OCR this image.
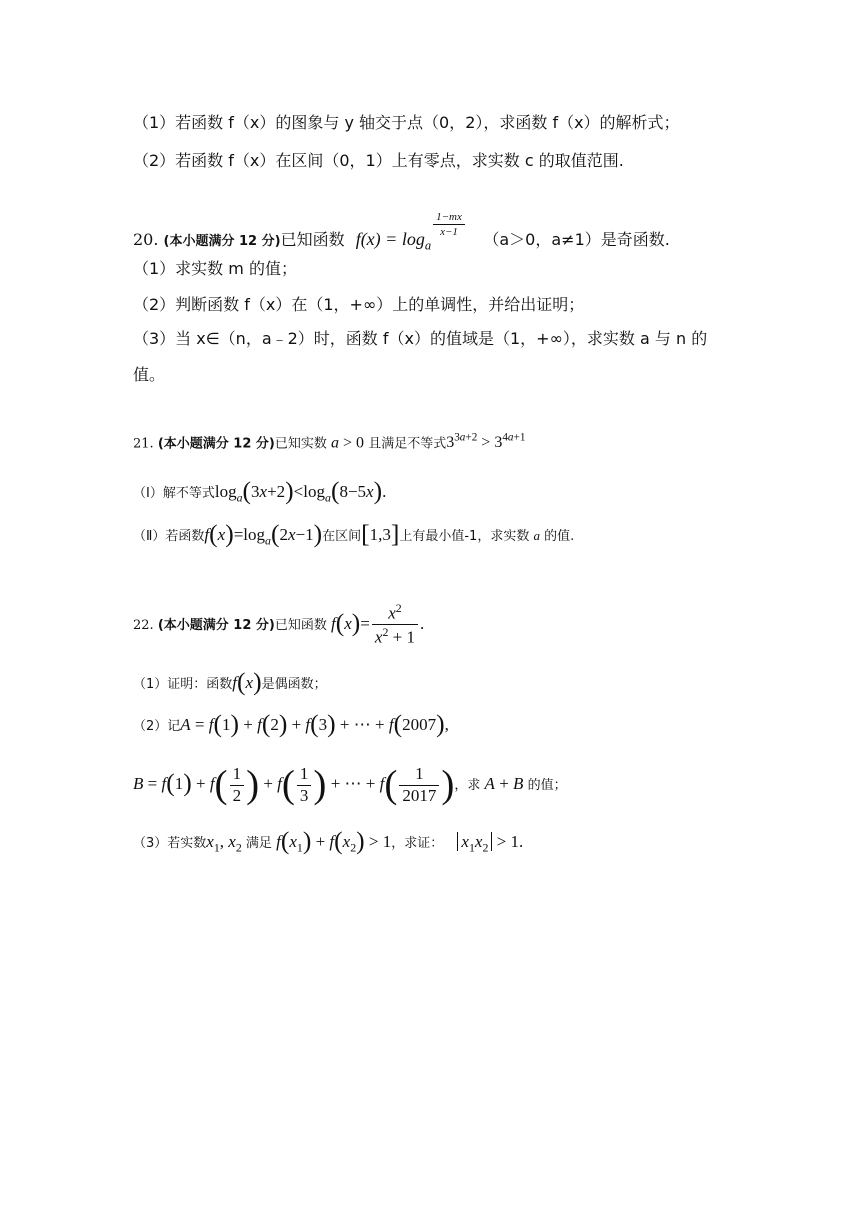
（1）若函数 f（x）的图象与 y 轴交于点（0，2），求函数 f（x）的解析式；
（2）若函数 f（x）在区间（0，1）上有零点，求实数 c 的取值范围.
20. (本小题满分 12 分)已知函数 $f(x) = \log_a$
$\frac{1-mx}{x-1}$
（a＞0，a≠1）是奇函数.
（1）求实数 m 的值；
（2）判断函数 f（x）在（1，+∞）上的单调性，并给出证明；
（3）当 x∈（n，a﹣2）时，函数 f（x）的值域是（1，+∞），求实数 a 与 n 的
值。
21. (本小题满分 12 分)已知实数 a > 0 且满足不等式$3^{3a+2} > 3^{4a+1}$
（Ⅰ）解不等式$\log_a(3x+2)<\log_a(8-5x)$.
（Ⅱ）若函数$f(x)=\log_a(2x-1)$在区间[1,3]上有最小值-1，求实数 a 的值.
22. (本小题满分 12 分)已知函数 $f(x)= \frac{x^2}{x^2 + 1}$ .
（1）证明：函数f(x)是偶函数；
（2）记A = f(1) + f(2) + f(3) + ⋯ + f(2007),
$B = f(1) + f( \frac{1}{2}$ ) + $f( \frac{1}{3}$ ) + ⋯ + $f( \frac{1}{2017}$ )，求 A + B 的值；
（3）若实数$x_1$, $x_2$ 满足 $f(x_1) + f(x_2) > 1$，求证： $x_1x_2 > 1$.
